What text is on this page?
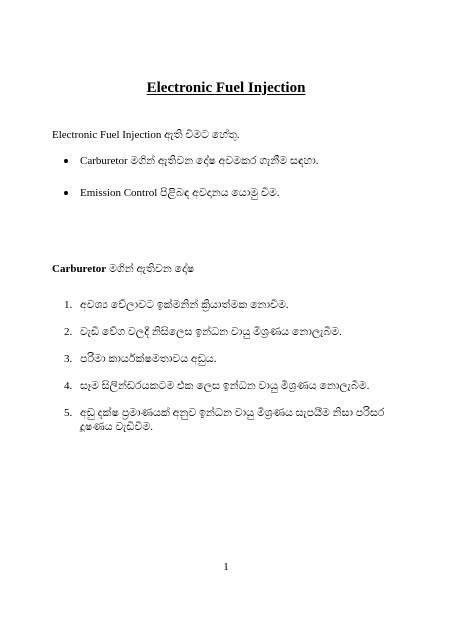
Electronic Fuel Injection
Electronic Fuel Injection ඇති වීමට හේතු.
Carburetor මගින් ඇතිවන දෝෂ අවමකර ගැනීම සඳහා.
Emission Control පිළිබඳ අවදානය යොමු වීම.
Carburetor මගින් ඇතිවන දෝෂ
1. අවශ්‍ය වේලාවට ඉක්මනින් ක්‍රියාත්මක නොවීම.
2. වැඩි වේග වලදී නිසිලෙස ඉන්ධන වායු මිශ්‍රණය නොලැබීම.
3. පරිමා කාර්යක්ෂමතාවය අඩුය.
4. සෑම සිලින්ඩරයකටම එක ලෙස ඉන්ධන වායු මිශ්‍රණය නොලැබීම.
5. අඩු දක්ෂ ප්‍රමාණයක් අනුව ඉන්ධන වායු මිශ්‍රණය සැපයීම නිසා පරිසර දූෂණය වැඩිවීම.
1
